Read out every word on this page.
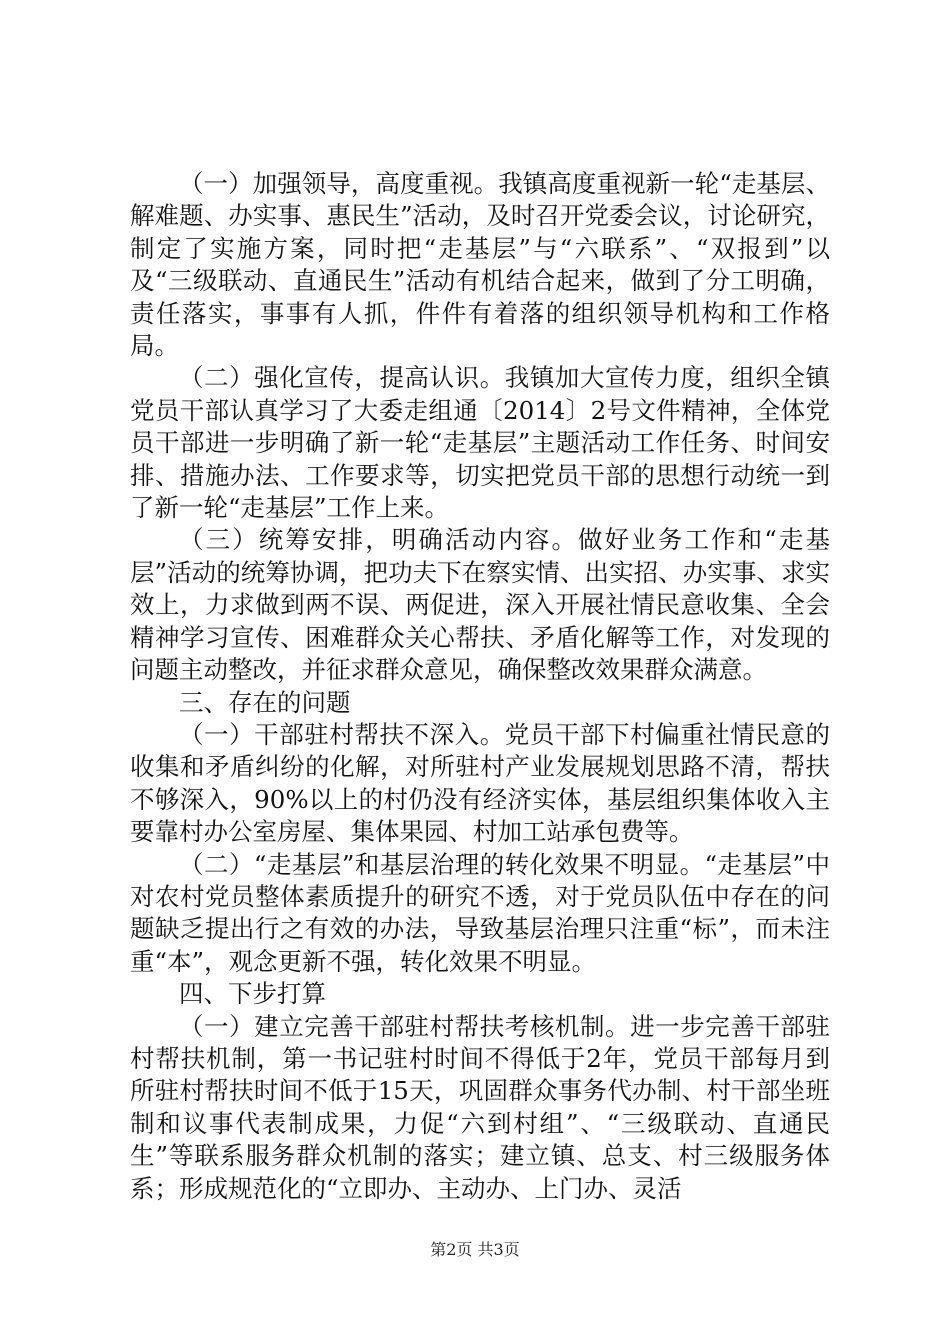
（一）加强领导，高度重视。我镇高度重视新一轮“走基层、解难题、办实事、惠民生”活动，及时召开党委会议，讨论研究，制定了实施方案，同时把“走基层”与“六联系”、“双报到”以及“三级联动、直通民生”活动有机结合起来，做到了分工明确，责任落实，事事有人抓，件件有着落的组织领导机构和工作格局。

（二）强化宣传，提高认识。我镇加大宣传力度，组织全镇党员干部认真学习了大委走组通〔2014〕2号文件精神，全体党员干部进一步明确了新一轮“走基层”主题活动工作任务、时间安排、措施办法、工作要求等，切实把党员干部的思想行动统一到了新一轮“走基层”工作上来。

（三）统筹安排，明确活动内容。做好业务工作和“走基层”活动的统筹协调，把功夫下在察实情、出实招、办实事、求实效上，力求做到两不误、两促进，深入开展社情民意收集、全会精神学习宣传、困难群众关心帮扶、矛盾化解等工作，对发现的问题主动整改，并征求群众意见，确保整改效果群众满意。

三、存在的问题

（一）干部驻村帮扶不深入。党员干部下村偏重社情民意的收集和矛盾纠纷的化解，对所驻村产业发展规划思路不清，帮扶不够深入，90%以上的村仍没有经济实体，基层组织集体收入主要靠村办公室房屋、集体果园、村加工站承包费等。

（二）“走基层”和基层治理的转化效果不明显。“走基层”中对农村党员整体素质提升的研究不透，对于党员队伍中存在的问题缺乏提出行之有效的办法，导致基层治理只注重“标”，而未注重“本”，观念更新不强，转化效果不明显。

四、下步打算

（一）建立完善干部驻村帮扶考核机制。进一步完善干部驻村帮扶机制，第一书记驻村时间不得低于2年，党员干部每月到所驻村帮扶时间不低于15天，巩固群众事务代办制、村干部坐班制和议事代表制成果，力促“六到村组”、“三级联动、直通民生”等联系服务群众机制的落实；建立镇、总支、村三级服务体系；形成规范化的“立即办、主动办、上门办、灵活

第2页 共3页
